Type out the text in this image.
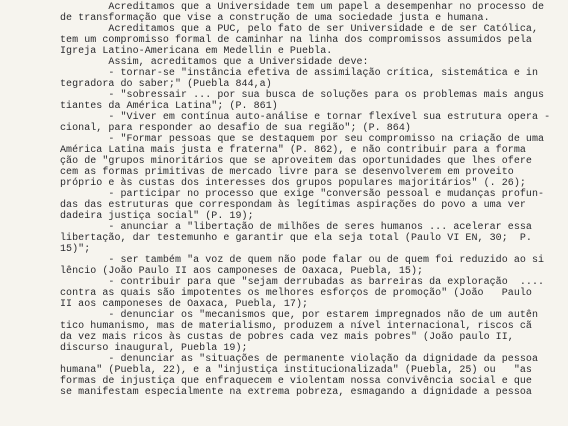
Acreditamos que a Universidade tem um papel a desempenhar no processo de
de transformação que vise a construção de uma sociedade justa e humana.
Acreditamos que a PUC, pelo fato de ser Universidade e de ser Católica,
tem um compromisso formal de caminhar na linha dos compromissos assumidos pela
Igreja Latino-Americana em Medellin e Puebla.
Assim, acreditamos que a Universidade deve:
- tornar-se "instância efetiva de assimilação crítica, sistemática e in
tegradora do saber;" (Puebla 844,a)
- "sobressair ... por sua busca de soluções para os problemas mais angus
tiantes da América Latina"; (P. 861)
- "Viver em contínua auto-análise e tornar flexível sua estrutura opera -
cional, para responder ao desafio de sua região"; (P. 864)
- "Formar pessoas que se destaquem por seu compromisso na criação de uma
América Latina mais justa e fraterna" (P. 862), e não contribuir para a forma
ção de "grupos minoritários que se aproveitem das oportunidades que lhes ofere
cem as formas primitivas de mercado livre para se desenvolverem em proveito
próprio e às custas dos interesses dos grupos populares majoritários" (. 26);
- participar no processo que exige "conversão pessoal e mudanças profun-
das das estruturas que correspondam às legítimas aspirações do povo a uma ver
dadeira justiça social" (P. 19);
- anunciar a "libertação de milhões de seres humanos ... acelerar essa
libertação, dar testemunho e garantir que ela seja total (Paulo VI EN, 30;  P.
15)";
- ser também "a voz de quem não pode falar ou de quem foi reduzido ao si
lêncio (João Paulo II aos camponeses de Oaxaca, Puebla, 15);
- contribuir para que "sejam derrubadas as barreiras da exploração  ....
contra as quais são impotentes os melhores esforços de promoção" (João   Paulo
II aos camponeses de Oaxaca, Puebla, 17);
- denunciar os "mecanismos que, por estarem impregnados não de um autên
tico humanismo, mas de materialismo, produzem a nível internacional, riscos cã
da vez mais ricos às custas de pobres cada vez mais pobres" (João paulo II,
discurso inaugural, Puebla 19);
- denunciar as "situações de permanente violação da dignidade da pessoa
humana" (Puebla, 22), e a "injustiça institucionalizada" (Puebla, 25) ou   "as
formas de injustiça que enfraquecem e violentam nossa convivência social e que
se manifestam especialmente na extrema pobreza, esmagando a dignidade a pessoa
